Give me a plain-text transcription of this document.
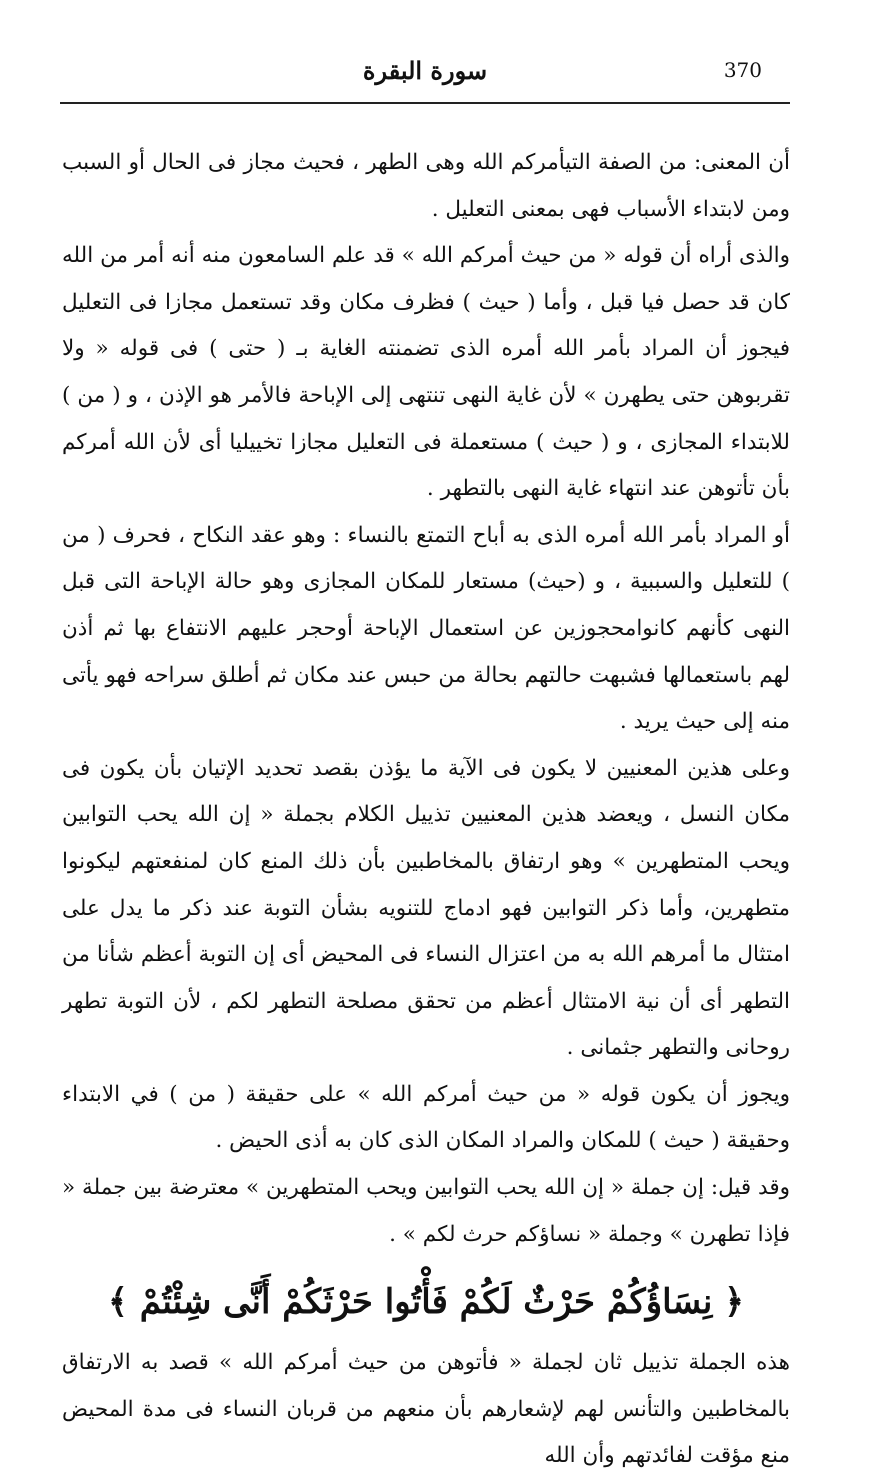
370
سورة البقرة

أن المعنى: من الصفة التيأمركم الله وهى الطهر ، فحيث مجاز فى الحال أو السبب ومن لابتداء الأسباب فهى بمعنى التعليل .

والذى أراه أن قوله « من حيث أمركم الله » قد علم السامعون منه أنه أمر من الله كان قد حصل فيا قبل ، وأما ( حيث ) فظرف مكان وقد تستعمل مجازا فى التعليل فيجوز أن المراد بأمر الله أمره الذى تضمنته الغاية بـ ( حتى ) فى قوله « ولا تقربوهن حتى يطهرن » لأن غاية النهى تنتهى إلى الإباحة فالأمر هو الإذن ، و ( من ) للابتداء المجازى ، و ( حيث ) مستعملة فى التعليل مجازا تخييليا أى لأن الله أمركم بأن تأتوهن عند انتهاء غاية النهى بالتطهر .

أو المراد بأمر الله أمره الذى به أباح التمتع بالنساء : وهو عقد النكاح ، فحرف ( من ) للتعليل والسببية ، و (حيث) مستعار للمكان المجازى وهو حالة الإباحة التى قبل النهى كأنهم كانوامحجوزين عن استعمال الإباحة أوحجر عليهم الانتفاع بها ثم أذن لهم باستعمالها فشبهت حالتهم بحالة من حبس عند مكان ثم أطلق سراحه فهو يأتى منه إلى حيث يريد .

وعلى هذين المعنيين لا يكون فى الآية ما يؤذن بقصد تحديد الإتيان بأن يكون فى مكان النسل ، ويعضد هذين المعنيين تذييل الكلام بجملة « إن الله يحب التوابين ويحب المتطهرين » وهو ارتفاق بالمخاطبين بأن ذلك المنع كان لمنفعتهم ليكونوا متطهرين، وأما ذكر التوابين فهو ادماج للتنويه بشأن التوبة عند ذكر ما يدل على امتثال ما أمرهم الله به من اعتزال النساء فى المحيض أى إن التوبة أعظم شأنا من التطهر أى أن نية الامتثال أعظم من تحقق مصلحة التطهر لكم ، لأن التوبة تطهر روحانى والتطهر جثمانى .

ويجوز أن يكون قوله « من حيث أمركم الله » على حقيقة ( من ) في الابتداء وحقيقة ( حيث ) للمكان والمراد المكان الذى كان به أذى الحيض .

وقد قيل: إن جملة « إن الله يحب التوابين ويحب المتطهرين » معترضة بين جملة « فإذا تطهرن » وجملة « نساؤكم حرث لكم » .

﴿ نِسَاؤُكُمْ حَرْثٌ لَكُمْ فَأْتُوا حَرْثَكُمْ أَنَّى شِئْتُمْ ﴾

هذه الجملة تذييل ثان لجملة « فأتوهن من حيث أمركم الله » قصد به الارتفاق بالمخاطبين والتأنس لهم لإشعارهم بأن منعهم من قربان النساء فى مدة المحيض منع مؤقت لفائدتهم وأن الله
